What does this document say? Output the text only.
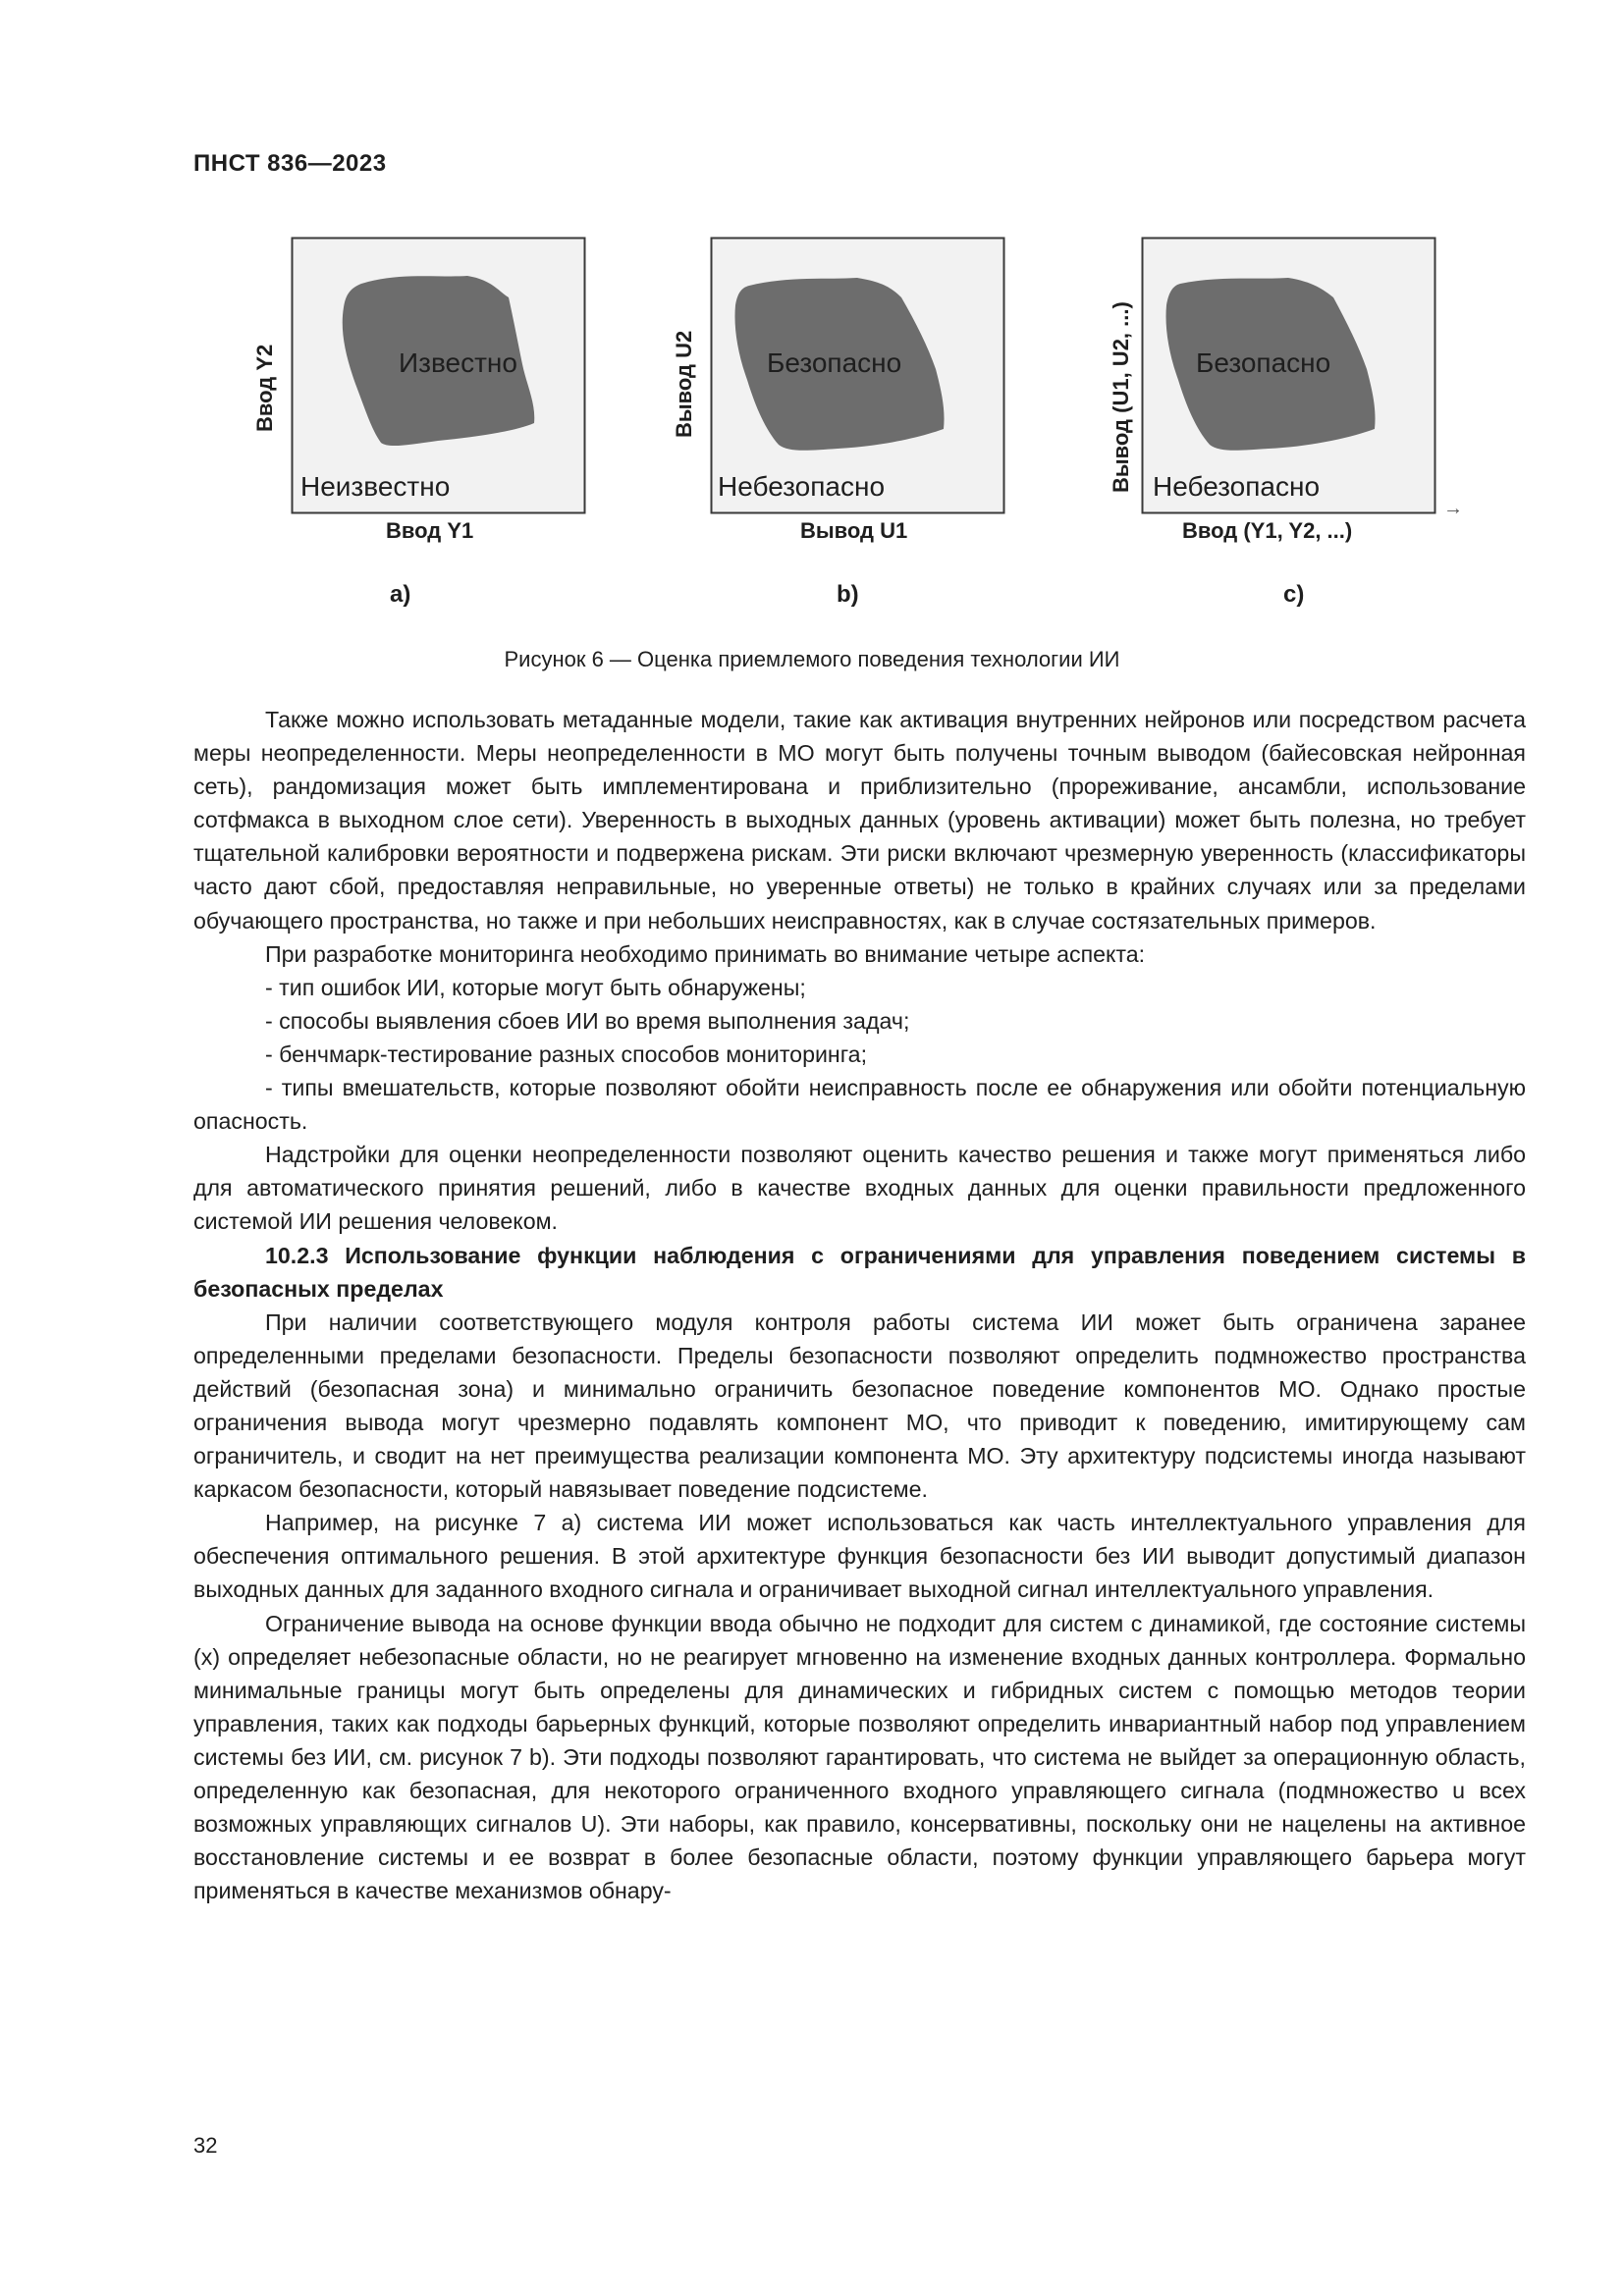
ПНСТ 836—2023
Известно
Неизвестно
Ввод Y1
Ввод Y2
а)
Безопасно
Небезопасно
Вывод U1
Вывод U2
b)
Безопасно
Небезопасно
Ввод (Y1, Y2, ...)
Вывод (U1, U2, ...)
с)
→
Рисунок 6 — Оценка приемлемого поведения технологии ИИ

Также можно использовать метаданные модели, такие как активация внутренних нейронов или посредством расчета меры неопределенности. Меры неопределенности в МО могут быть получены точным выводом (байесовская нейронная сеть), рандомизация может быть имплементирована и приблизительно (прореживание, ансамбли, использование сотфмакса в выходном слое сети). Уверенность в выходных данных (уровень активации) может быть полезна, но требует тщательной калибровки вероятности и подвержена рискам. Эти риски включают чрезмерную уверенность (классификаторы часто дают сбой, предоставляя неправильные, но уверенные ответы) не только в крайних случаях или за пределами обучающего пространства, но также и при небольших неисправностях, как в случае состязательных примеров.

При разработке мониторинга необходимо принимать во внимание четыре аспекта:

- тип ошибок ИИ, которые могут быть обнаружены;

- способы выявления сбоев ИИ во время выполнения задач;

- бенчмарк-тестирование разных способов мониторинга;

- типы вмешательств, которые позволяют обойти неисправность после ее обнаружения или обойти потенциальную опасность.

Надстройки для оценки неопределенности позволяют оценить качество решения и также могут применяться либо для автоматического принятия решений, либо в качестве входных данных для оценки правильности предложенного системой ИИ решения человеком.

10.2.3 Использование функции наблюдения с ограничениями для управления поведением системы в безопасных пределах

При наличии соответствующего модуля контроля работы система ИИ может быть ограничена заранее определенными пределами безопасности. Пределы безопасности позволяют определить подмножество пространства действий (безопасная зона) и минимально ограничить безопасное поведение компонентов МО. Однако простые ограничения вывода могут чрезмерно подавлять компонент МО, что приводит к поведению, имитирующему сам ограничитель, и сводит на нет преимущества реализации компонента МО. Эту архитектуру подсистемы иногда называют каркасом безопасности, который навязывает поведение подсистеме.

Например, на рисунке 7 а) система ИИ может использоваться как часть интеллектуального управления для обеспечения оптимального решения. В этой архитектуре функция безопасности без ИИ выводит допустимый диапазон выходных данных для заданного входного сигнала и ограничивает выходной сигнал интеллектуального управления.

Ограничение вывода на основе функции ввода обычно не подходит для систем с динамикой, где состояние системы (x) определяет небезопасные области, но не реагирует мгновенно на изменение входных данных контроллера. Формально минимальные границы могут быть определены для динамических и гибридных систем с помощью методов теории управления, таких как подходы барьерных функций, которые позволяют определить инвариантный набор под управлением системы без ИИ, см. рисунок 7 b). Эти подходы позволяют гарантировать, что система не выйдет за операционную область, определенную как безопасная, для некоторого ограниченного входного управляющего сигнала (подмножество u всех возможных управляющих сигналов U). Эти наборы, как правило, консервативны, поскольку они не нацелены на активное восстановление системы и ее возврат в более безопасные области, поэтому функции управляющего барьера могут применяться в качестве механизмов обнару-

32
